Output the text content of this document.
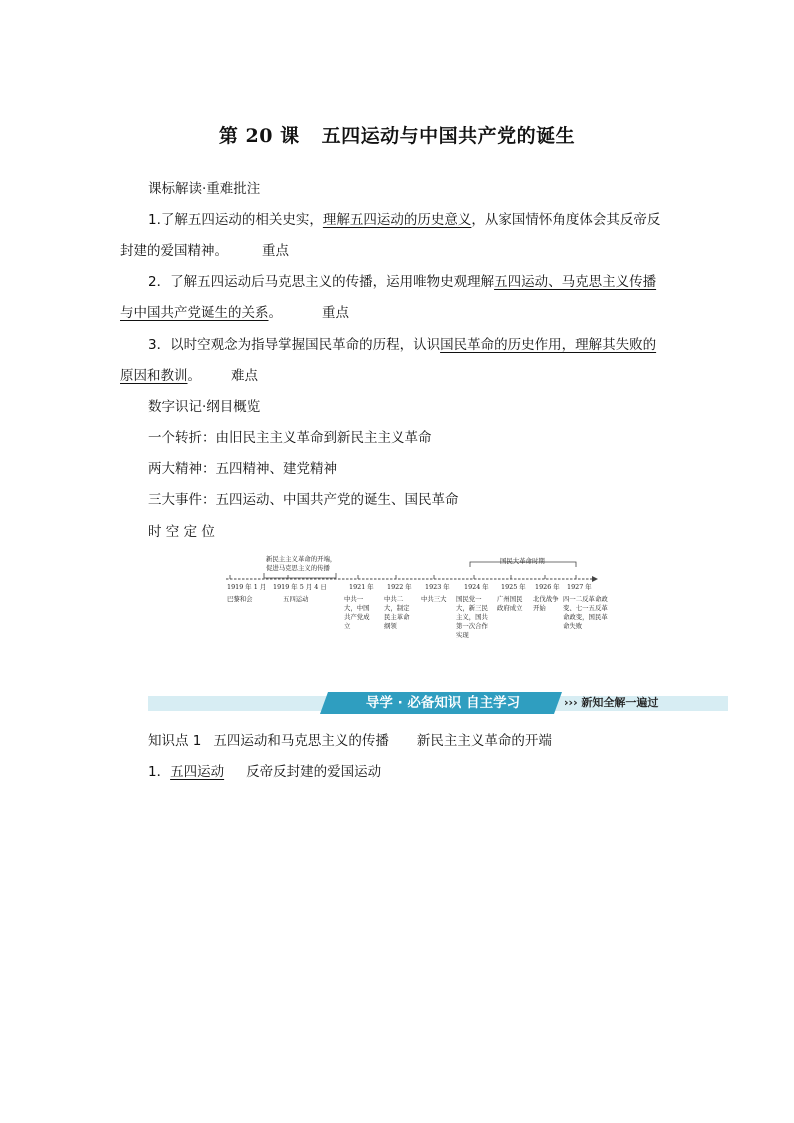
第 20 课 五四运动与中国共产党的诞生
课标解读·重难批注
1.了解五四运动的相关史实，理解五四运动的历史意义，从家国情怀角度体会其反帝反
封建的爱国精神。	重点
2．了解五四运动后马克思主义的传播，运用唯物史观理解五四运动、马克思主义传播
与中国共产党诞生的关系。	重点
3．以时空观念为指导掌握国民革命的历程，认识国民革命的历史作用，理解其失败的
原因和教训。 难点
数字识记·纲目概览
一个转折：由旧民主主义革命到新民主主义革命
两大精神：五四精神、建党精神
三大事件：五四运动、中国共产党的诞生、国民革命
时 空 定 位
新民主主义革命的开端，
促进马克思主义的传播
国民大革命时期
1919 年 1 月 1919 年 5 月 4 日	1921 年 1922 年 1923 年 1924 年 1925 年 1926 年 1927 年
巴黎和会	五四运动	中共一大，中国共产党成立
中共二大，制定民主革命纲领
中共三大	国民党一大，新三民主义，国共第一次合作实现
广州国民政府成立
北伐战争开始
四一二反革命政变、七一五反革命政变，国民革命失败
导学 · 必备知识 自主学习	››› 新知全解一遍过
知识点 1 五四运动和马克思主义的传播 新民主主义革命的开端
1．五四运动 反帝反封建的爱国运动
